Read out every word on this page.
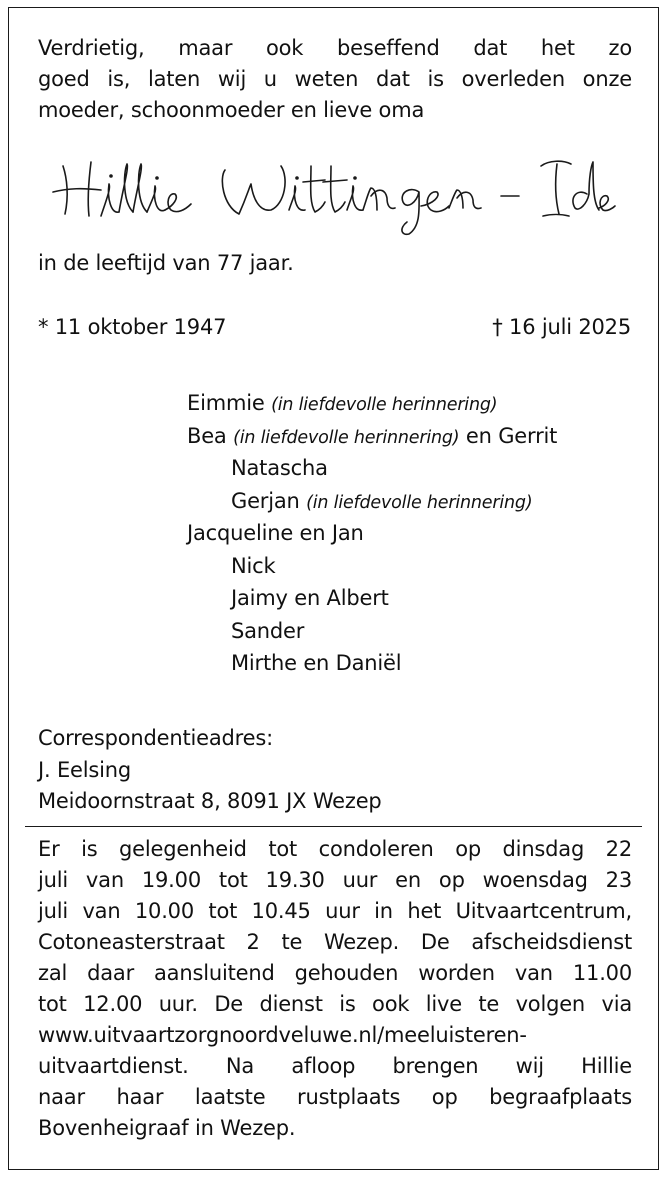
Verdrietig, maar ook beseffend dat het zo
goed is, laten wij u weten dat is overleden onze
moeder, schoonmoeder en lieve oma
in de leeftijd van 77 jaar.
* 11 oktober 1947	† 16 juli 2025
Eimmie (in liefdevolle herinnering)
Bea (in liefdevolle herinnering) en Gerrit
Natascha
Gerjan (in liefdevolle herinnering)
Jacqueline en Jan
Nick
Jaimy en Albert
Sander
Mirthe en Daniël
Correspondentieadres:
J. Eelsing
Meidoornstraat 8, 8091 JX Wezep
Er is gelegenheid tot condoleren op dinsdag 22
juli van 19.00 tot 19.30 uur en op woensdag 23
juli van 10.00 tot 10.45 uur in het Uitvaartcentrum,
Cotoneasterstraat 2 te Wezep. De afscheidsdienst
zal daar aansluitend gehouden worden van 11.00
tot 12.00 uur. De dienst is ook live te volgen via
www.uitvaartzorgnoordveluwe.nl/meeluisteren-
uitvaartdienst. Na afloop brengen wij Hillie
naar haar laatste rustplaats op begraafplaats
Bovenheigraaf in Wezep.
